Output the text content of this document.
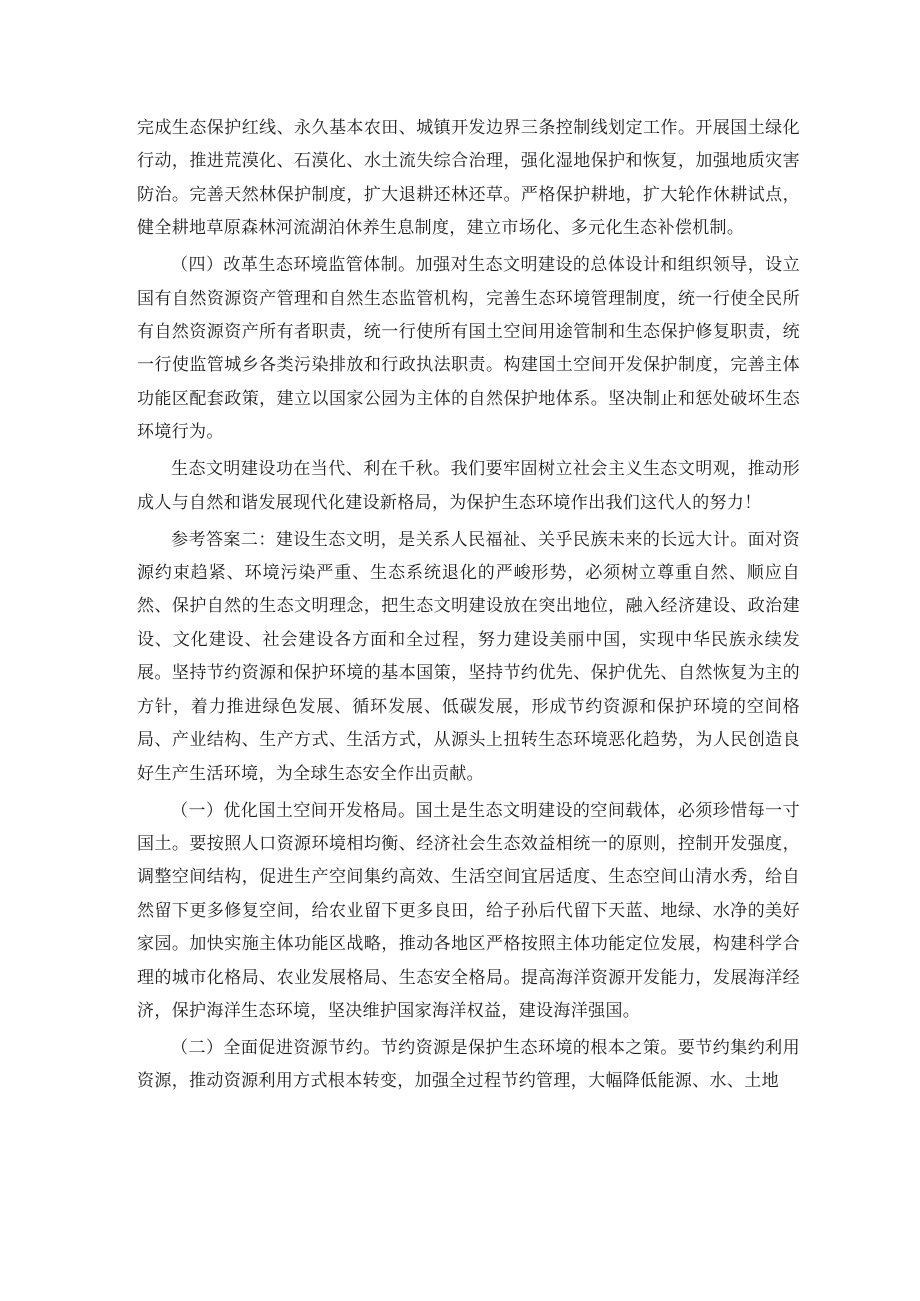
完成生态保护红线、永久基本农田、城镇开发边界三条控制线划定工作。开展国土绿化行动，推进荒漠化、石漠化、水土流失综合治理，强化湿地保护和恢复，加强地质灾害防治。完善天然林保护制度，扩大退耕还林还草。严格保护耕地，扩大轮作休耕试点，健全耕地草原森林河流湖泊休养生息制度，建立市场化、多元化生态补偿机制。

（四）改革生态环境监管体制。加强对生态文明建设的总体设计和组织领导，设立国有自然资源资产管理和自然生态监管机构，完善生态环境管理制度，统一行使全民所有自然资源资产所有者职责，统一行使所有国土空间用途管制和生态保护修复职责，统一行使监管城乡各类污染排放和行政执法职责。构建国土空间开发保护制度，完善主体功能区配套政策，建立以国家公园为主体的自然保护地体系。坚决制止和惩处破坏生态环境行为。

生态文明建设功在当代、利在千秋。我们要牢固树立社会主义生态文明观，推动形成人与自然和谐发展现代化建设新格局，为保护生态环境作出我们这代人的努力！

参考答案二：建设生态文明，是关系人民福祉、关乎民族未来的长远大计。面对资源约束趋紧、环境污染严重、生态系统退化的严峻形势，必须树立尊重自然、顺应自然、保护自然的生态文明理念，把生态文明建设放在突出地位，融入经济建设、政治建设、文化建设、社会建设各方面和全过程，努力建设美丽中国，实现中华民族永续发展。坚持节约资源和保护环境的基本国策，坚持节约优先、保护优先、自然恢复为主的方针，着力推进绿色发展、循环发展、低碳发展，形成节约资源和保护环境的空间格局、产业结构、生产方式、生活方式，从源头上扭转生态环境恶化趋势，为人民创造良好生产生活环境，为全球生态安全作出贡献。

（一）优化国土空间开发格局。国土是生态文明建设的空间载体，必须珍惜每一寸国土。要按照人口资源环境相均衡、经济社会生态效益相统一的原则，控制开发强度，调整空间结构，促进生产空间集约高效、生活空间宜居适度、生态空间山清水秀，给自然留下更多修复空间，给农业留下更多良田，给子孙后代留下天蓝、地绿、水净的美好家园。加快实施主体功能区战略，推动各地区严格按照主体功能定位发展，构建科学合理的城市化格局、农业发展格局、生态安全格局。提高海洋资源开发能力，发展海洋经济，保护海洋生态环境，坚决维护国家海洋权益，建设海洋强国。

（二）全面促进资源节约。节约资源是保护生态环境的根本之策。要节约集约利用资源，推动资源利用方式根本转变，加强全过程节约管理，大幅降低能源、水、土地
